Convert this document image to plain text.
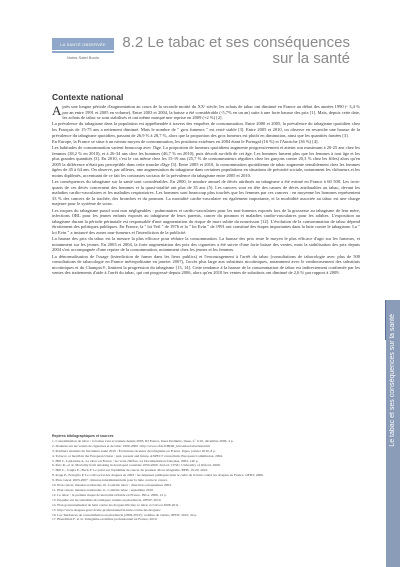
LA SANTÉ OBSERVÉE
Notes Satel Bonio
8.2 Le tabac et ses conséquences
sur la santé
Contexte national

Après une longue période d'augmentation au cours de la seconde moitié du XXᵉ siècle, les achats de tabac ont diminué en France au début des années 1990 (- 3,4 % par an entre 1991 et 2005 en volume). Entre 2003 et 2004, la baisse a été considérable (-5,7% en un an) suite à une forte hausse des prix [1]. Mais, depuis cette date, les achats de tabac se sont stabilisés et ont même marqué une reprise en 2009 (+2 %) [2].

La prévalence du tabagisme dans la population est appréhendée à travers des enquêtes de consommation. Entre 2000 et 2005, la prévalence du tabagisme quotidien chez les Français de 15-75 ans a nettement diminué. Mais le nombre de " gros fumeurs " est resté stable [3]. Entre 2005 et 2010, on observe en revanche une hausse de la prévalence du tabagisme quotidien, passant de 26,9 % à 28,7 %, alors que la proportion des gros fumeurs est plutôt en diminution, ainsi que les quantités fumées [3].

En Europe, la France se situe à un niveau moyen de consommation, les positions extrêmes en 2004 étant le Portugal (16 %) et l'Autriche (36 %) [4].

Les habitudes de consommation varient beaucoup avec l'âge. La proportion de fumeurs quotidiens augmente progressivement et atteint son maximum à 20-25 ans chez les femmes (38,2 % en 2010), et à 26-34 ans chez les hommes (46,7 % en 2010), puis décroît au-delà de cet âge. Les hommes fument plus que les femmes à tout âge et les plus grandes quantités [3]. En 2010, c'est le cas même chez les 15-19 ans (25,7 % de consommateurs réguliers chez les garçons contre 20,3 % chez les filles) alors qu'en 2005 la différence n'était pas perceptible dans cette tranche d'âge [3]. Entre 2005 et 2010, la consommation quotidienne de tabac augmente sensiblement chez les femmes âgées de 45 à 64 ans. On observe, par ailleurs, une augmentation du tabagisme dans certaines populations en situations de précarité sociale, notamment les chômeurs et les moins diplômés, accentuant de ce fait les contrastes sociaux de la prévalence du tabagisme entre 2005 et 2010.

Les conséquences du tabagisme sur la santé sont considérables. En 2000, le nombre annuel de décès attribués au tabagisme a été estimé en France à 60 500. Les trois-quarts de ces décès concernent des hommes et la quasi-totalité ont plus de 35 ans (5). Les cancers sont en tête des causes de décès attribuables au tabac, devant les maladies cardio-vasculaires et les maladies respiratoires. Les hommes sont beaucoup plus touchés que les femmes par ces cancers : en moyenne les hommes représentent 33 % des cancers de la trachée, des bronches et du poumon. La mortalité cardio-vasculaire est également importante, et la morbidité associée au tabac est une charge majeure pour le système de soins.

Les risques du tabagisme passif sont non négligeables : pulmonaires et cardio-vasculaires pour les non-fumeurs exposés lors de la grossesse au tabagisme de leur mère, infections ORL pour les jeunes enfants exposés au tabagisme de leurs parents, cancer du poumon et maladies cardio-vasculaires pour les adultes. L'exposition au tabagisme durant la période périnatale est responsable d'une augmentation du risque de mort subite du nourrisson [12]. L'évolution de la consommation de tabac dépend étroitement des politiques publiques. En France, la " loi Veil " de 1976 et la " loi Evin " de 1991 ont constitué des étapes importantes dans la lutte contre le tabagisme. La " loi Evin " a instauré des zones non-fumeurs et l'interdiction de la publicité.

La hausse des prix du tabac est la mesure la plus efficace pour réduire la consommation. La hausse des prix reste le moyen le plus efficace d'agir sur les fumeurs, et notamment sur les jeunes. En 2003 et 2004, la forte augmentation des prix des cigarettes a été suivie d'une forte baisse des ventes, mais la stabilisation des prix depuis 2004 s'est accompagnée d'une reprise de la consommation, notamment chez les jeunes et les femmes.

La dénormalisation de l'usage (interdiction de fumer dans les lieux publics) et l'encouragement à l'arrêt du tabac (consultations de tabacologie avec plus de 500 consultations de tabacologie en France métropolitaine en janvier 2007), l'accès plus large aux substituts nicotiniques, notamment avec le remboursement des substituts nicotiniques et du Champix®, limitent la progression du tabagisme [13, 14]. Cette tendance à la hausse de la consommation de tabac est indirectement confirmée par les ventes des traitements d'aide à l'arrêt du tabac, qui ont progressé depuis 2006, alors qu'en 2010 les ventes de substituts ont diminué de 2,6 % par rapport à 2009.

Repères bibliographiques et sources
1. Consommation de tabac : la baisse s'est accentuée depuis 2003. ID France, Insee Première, Insee, nº 1110, décembre 2006, 4 p.
2. Données sur les ventes de cigarettes et de tabac 1990-2009 : http://www.ofdt.fr/BDD_len/series/tabventes.htm
3. Premiers résultats du baromètre santé 2010 : Évolutions récentes du tabagisme en France. Inpes, janvier 2010, 8 p.
4. Tobacco or health in the European Union : past, present and future. ASPECT consortium, European Commission, 2004.
5. Hill C, Laplanche A. Le tabac en France : les vrais chiffres. La Documentation française, 2004, 140 p.
6. Peto R., et al. Mortality from smoking in developed countries 1950-2000. 2nd ed. CTSU, University of Oxford, 2006.
7. Hill C., Jougla E., Beck F. Le point sur l'épidémie de cancer du poumon dû au tabagisme. BEH, 19-20, 2010.
8. Kopp P., Fenoglio P. Le coût social des drogues en 2003 : les dépenses publiques dans le cadre de la lutte contre les drogues en France. OFDT, 2006.
9. Plan cancer 2003-2007 : mission interministérielle pour la lutte contre le cancer.
10. Plan cancer, mesures nationales 10. Contrôle tabac : directives européennes 2003.
11. Plan cancer, mesures nationales 11. Contrôle tabac : septembre 2010.
12. Le tabac : le premier risque de mortalité évitable en France. INCa, 2006, 12 p.
13. Enquête sur les substituts nicotiniques vendus en pharmacie, OFDT, 2010.
14. Plan gouvernemental de lutte contre les drogues illicites, le tabac et l'alcool 2008-2011.
15. http://www.drogues.gouv.fr/site-professionnel/la-lutte-contre-les-drogues/
16. Les Tendances de consommation en pharmacie (2009-2010) : nombre de ventes, OFDT, 2010, 34 p.
17. Bourdillon F. et al. Tabagisme en milieu professionnel en France, 2010.
Le tabac et ses conséquences sur la santé
